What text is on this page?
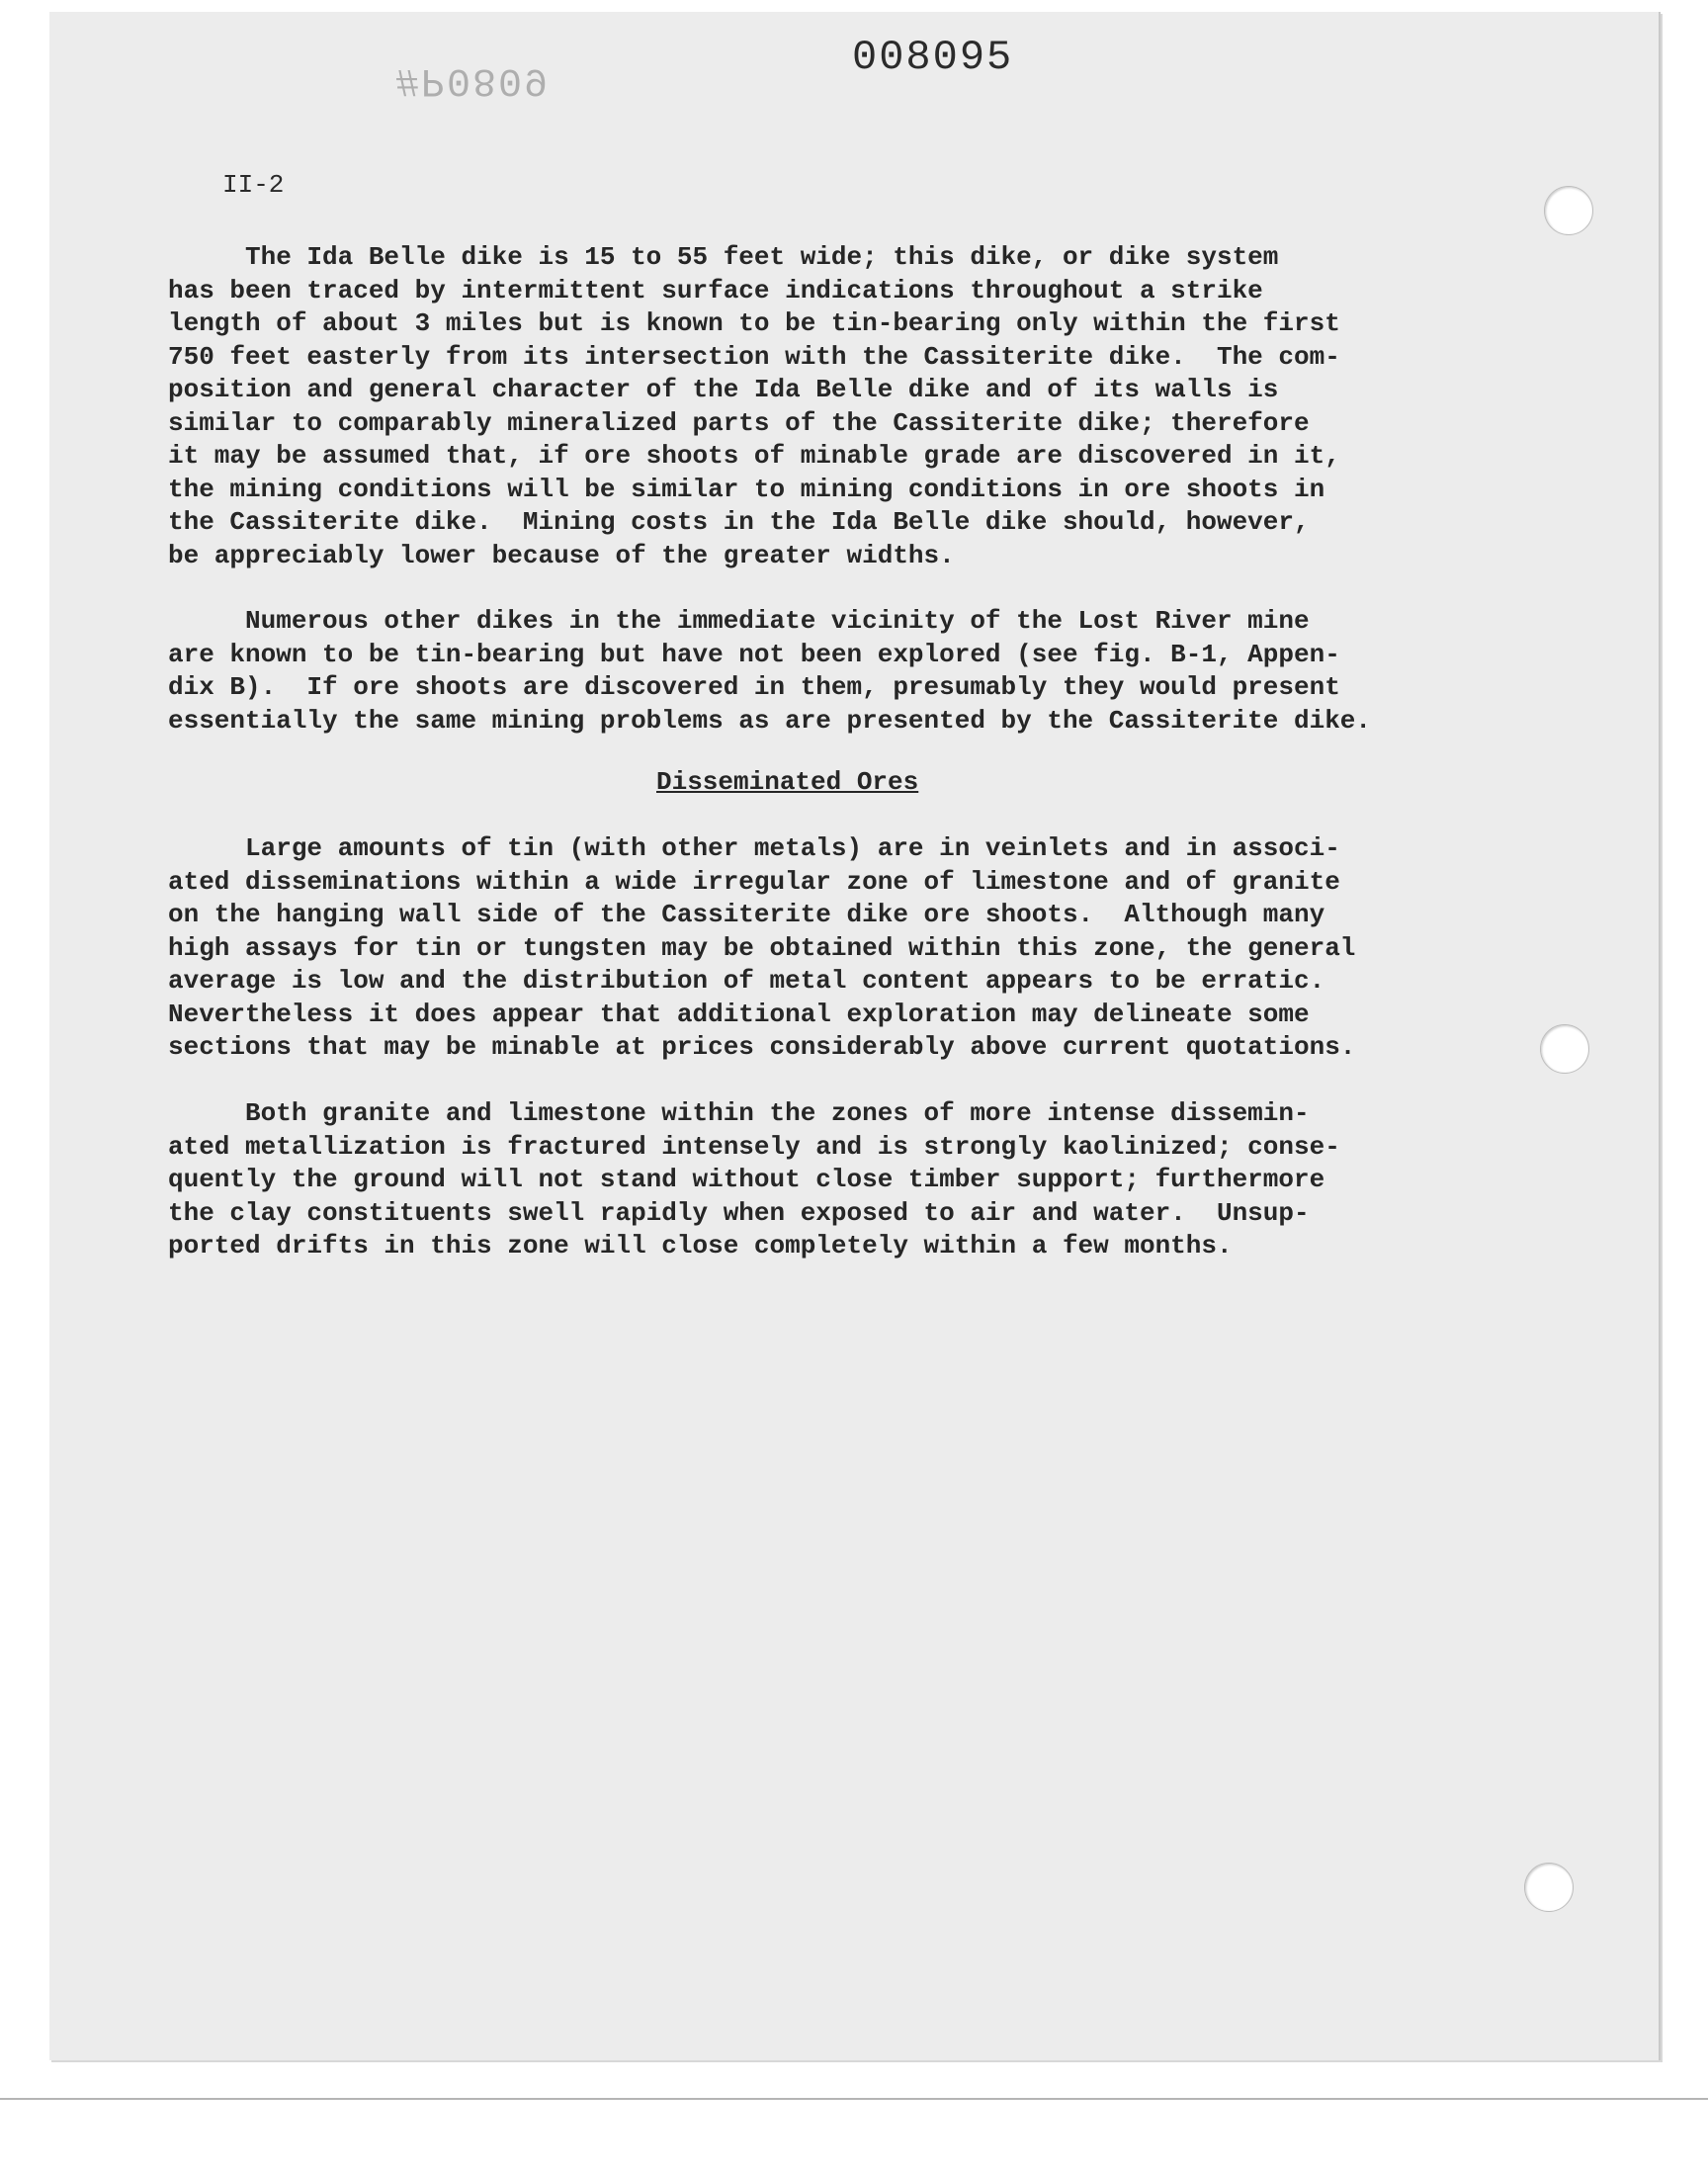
#P0809	008095
II-2
The Ida Belle dike is 15 to 55 feet wide; this dike, or dike system
has been traced by intermittent surface indications throughout a strike
length of about 3 miles but is known to be tin-bearing only within the first
750 feet easterly from its intersection with the Cassiterite dike.  The com-
position and general character of the Ida Belle dike and of its walls is
similar to comparably mineralized parts of the Cassiterite dike; therefore
it may be assumed that, if ore shoots of minable grade are discovered in it,
the mining conditions will be similar to mining conditions in ore shoots in
the Cassiterite dike.  Mining costs in the Ida Belle dike should, however,
be appreciably lower because of the greater widths.
Numerous other dikes in the immediate vicinity of the Lost River mine
are known to be tin-bearing but have not been explored (see fig. B-1, Appen-
dix B).  If ore shoots are discovered in them, presumably they would present
essentially the same mining problems as are presented by the Cassiterite dike.
Disseminated Ores
Large amounts of tin (with other metals) are in veinlets and in associ-
ated disseminations within a wide irregular zone of limestone and of granite
on the hanging wall side of the Cassiterite dike ore shoots.  Although many
high assays for tin or tungsten may be obtained within this zone, the general
average is low and the distribution of metal content appears to be erratic.
Nevertheless it does appear that additional exploration may delineate some
sections that may be minable at prices considerably above current quotations.
Both granite and limestone within the zones of more intense dissemin-
ated metallization is fractured intensely and is strongly kaolinized; conse-
quently the ground will not stand without close timber support; furthermore
the clay constituents swell rapidly when exposed to air and water.  Unsup-
ported drifts in this zone will close completely within a few months.
